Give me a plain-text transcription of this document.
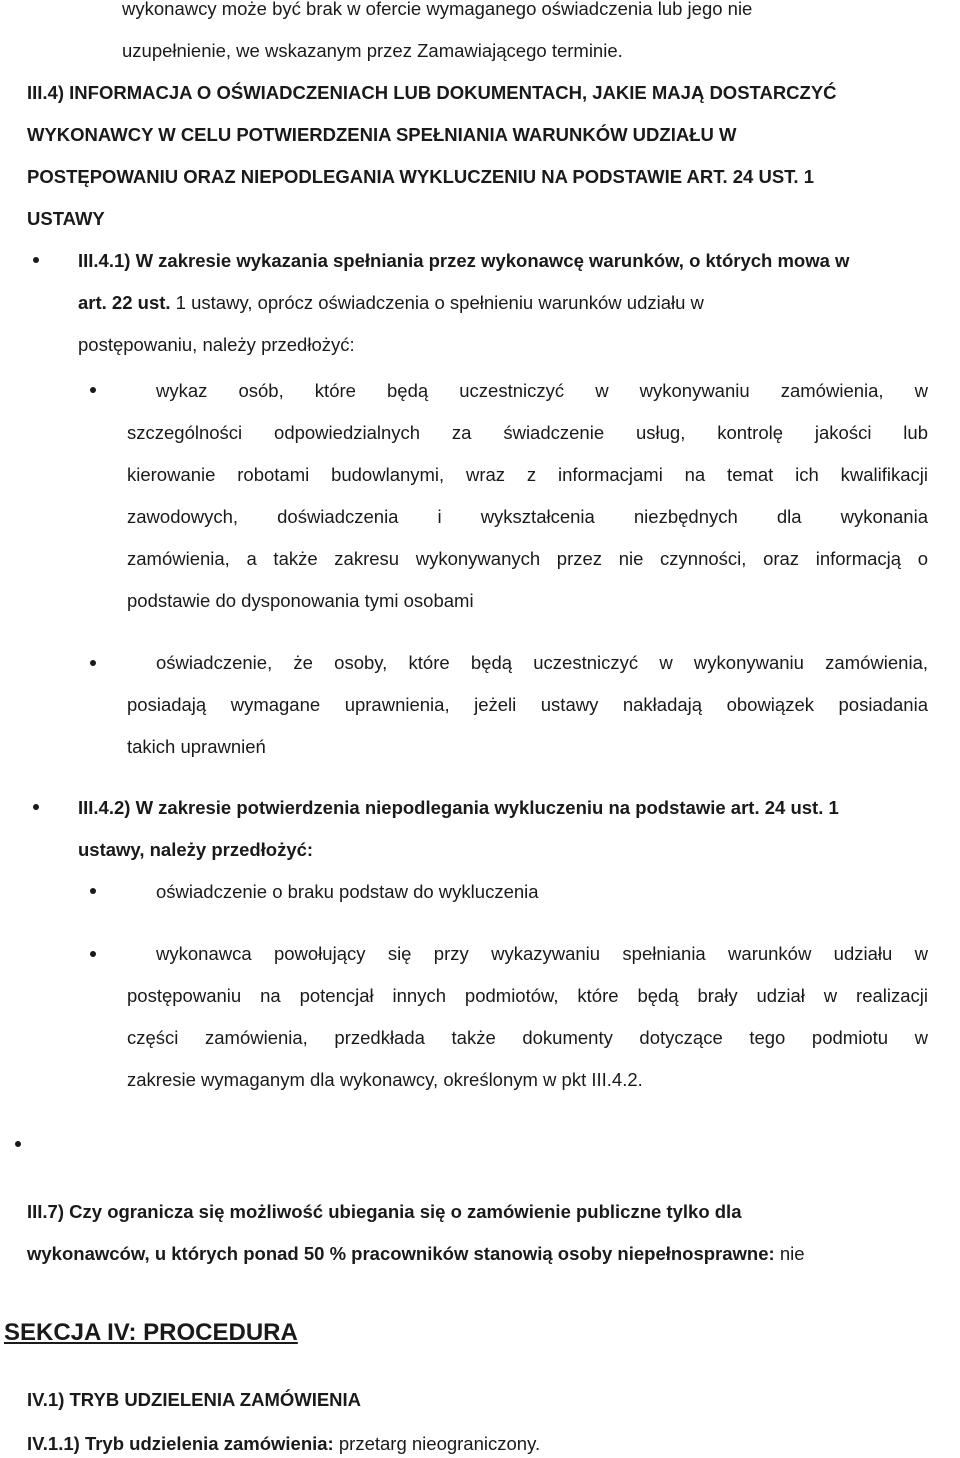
wykonawcy może być brak w ofercie wymaganego oświadczenia lub jego nie
uzupełnienie, we wskazanym przez Zamawiającego terminie.
III.4) INFORMACJA O OŚWIADCZENIACH LUB DOKUMENTACH, JAKIE MAJĄ DOSTARCZYĆ
WYKONAWCY W CELU POTWIERDZENIA SPEŁNIANIA WARUNKÓW UDZIAŁU W
POSTĘPOWANIU ORAZ NIEPODLEGANIA WYKLUCZENIU NA PODSTAWIE ART. 24 UST. 1
USTAWY
III.4.1) W zakresie wykazania spełniania przez wykonawcę warunków, o których mowa w
art. 22 ust. 1 ustawy, oprócz oświadczenia o spełnieniu warunków udziału w
postępowaniu, należy przedłożyć:
wykaz osób, które będą uczestniczyć w wykonywaniu zamówienia, w
szczególności odpowiedzialnych za świadczenie usług, kontrolę jakości lub
kierowanie robotami budowlanymi, wraz z informacjami na temat ich kwalifikacji
zawodowych, doświadczenia i wykształcenia niezbędnych dla wykonania
zamówienia, a także zakresu wykonywanych przez nie czynności, oraz informacją o
podstawie do dysponowania tymi osobami
oświadczenie, że osoby, które będą uczestniczyć w wykonywaniu zamówienia,
posiadają wymagane uprawnienia, jeżeli ustawy nakładają obowiązek posiadania
takich uprawnień
III.4.2) W zakresie potwierdzenia niepodlegania wykluczeniu na podstawie art. 24 ust. 1
ustawy, należy przedłożyć:
oświadczenie o braku podstaw do wykluczenia
wykonawca powołujący się przy wykazywaniu spełniania warunków udziału w
postępowaniu na potencjał innych podmiotów, które będą brały udział w realizacji
części zamówienia, przedkłada także dokumenty dotyczące tego podmiotu w
zakresie wymaganym dla wykonawcy, określonym w pkt III.4.2.
III.7) Czy ogranicza się możliwość ubiegania się o zamówienie publiczne tylko dla
wykonawców, u których ponad 50 % pracowników stanowią osoby niepełnosprawne: nie
SEKCJA IV: PROCEDURA
IV.1) TRYB UDZIELENIA ZAMÓWIENIA
IV.1.1) Tryb udzielenia zamówienia: przetarg nieograniczony.
